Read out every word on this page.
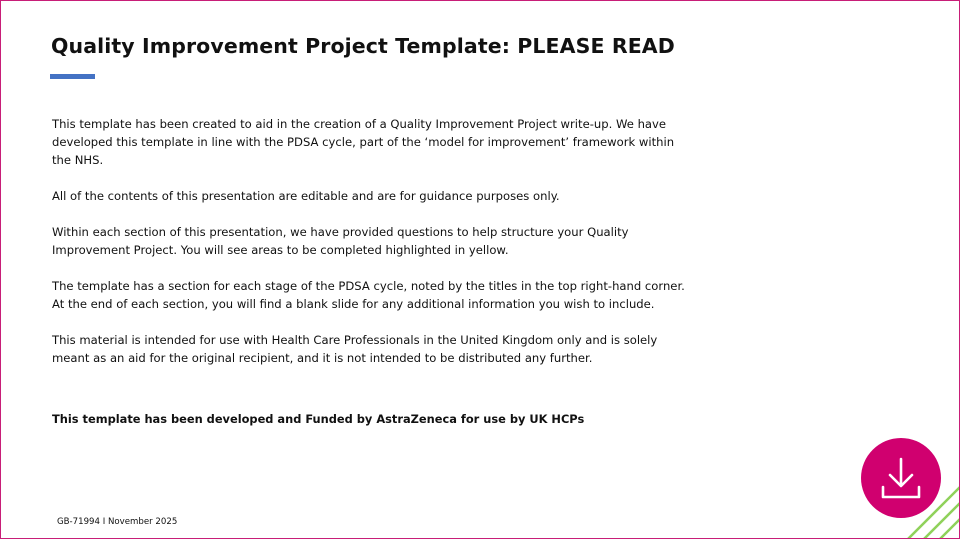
Quality Improvement Project Template: PLEASE READ

This template has been created to aid in the creation of a Quality Improvement Project write-up. We have developed this template in line with the PDSA cycle, part of the ‘model for improvement’ framework within the NHS.

All of the contents of this presentation are editable and are for guidance purposes only.

Within each section of this presentation, we have provided questions to help structure your Quality Improvement Project. You will see areas to be completed highlighted in yellow.

The template has a section for each stage of the PDSA cycle, noted by the titles in the top right-hand corner. At the end of each section, you will find a blank slide for any additional information you wish to include.

This material is intended for use with Health Care Professionals in the United Kingdom only and is solely meant as an aid for the original recipient, and it is not intended to be distributed any further.

This template has been developed and Funded by AstraZeneca for use by UK HCPs

GB-71994 I November 2025
